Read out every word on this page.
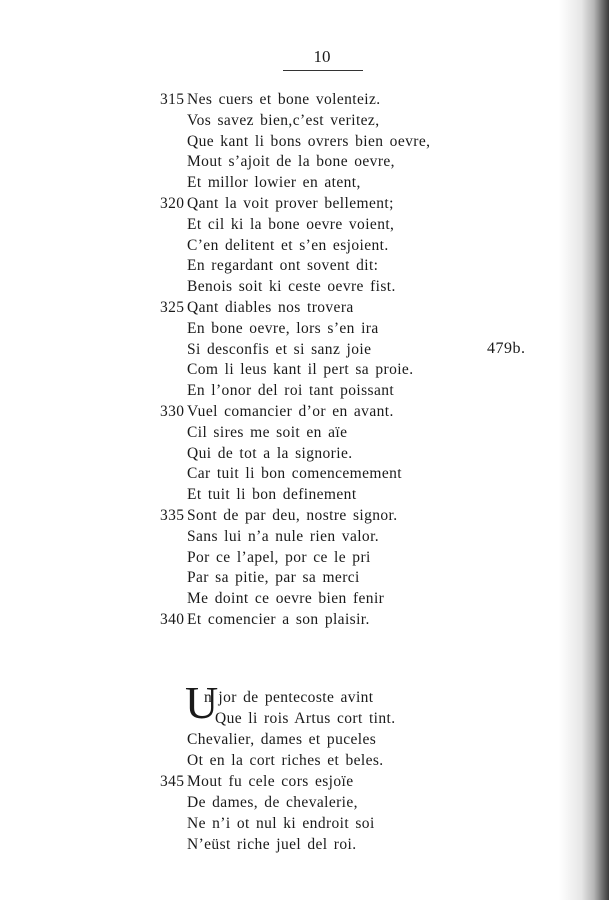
10
479b.
315 Nes cuers et bone volenteiz.
Vos savez bien,c’est veritez,
Que kant li bons ovrers bien oevre,
Mout s’ajoit de la bone oevre,
Et millor lowier en atent,
320 Qant la voit prover bellement;
Et cil ki la bone oevre voient,
C’en delitent et s’en esjoient.
En regardant ont sovent dit:
Benois soit ki ceste oevre fist.
325 Qant diables nos trovera
En bone oevre, lors s’en ira
Si desconfis et si sanz joie
Com li leus kant il pert sa proie.
En l’onor del roi tant poissant
330 Vuel comancier d’or en avant.
Cil sires me soit en aïe
Qui de tot a la signorie.
Car tuit li bon comencemement
Et tuit li bon definement
335 Sont de par deu, nostre signor.
Sans lui n’a nule rien valor.
Por ce l’apel, por ce le pri
Par sa pitie, par sa merci
Me doint ce oevre bien fenir
340 Et comencier a son plaisir.
U
n jor de pentecoste avint
Que li rois Artus cort tint.
Chevalier, dames et puceles
Ot en la cort riches et beles.
345 Mout fu cele cors esjoïe
De dames, de chevalerie,
Ne n’i ot nul ki endroit soi
N’eüst riche juel del roi.
